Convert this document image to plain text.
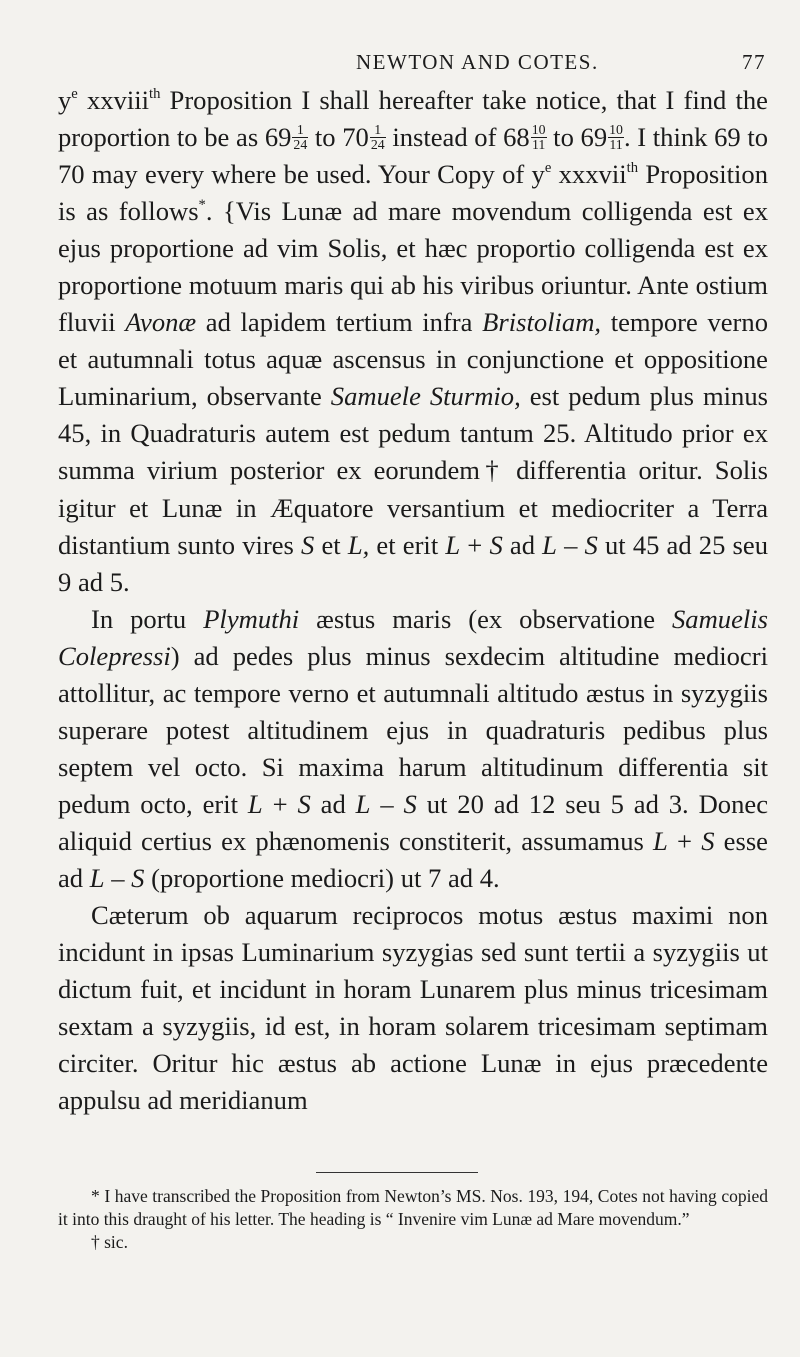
NEWTON AND COTES.	77

$y^e$ xxviii$^{th}$ Proposition I shall hereafter take notice, that I find the proportion to be as $69 \frac{1}{24}$ to $70 \frac{1}{24}$ instead of $68 \frac{10}{11}$ to $69 \frac{10}{11}$ . I think 69 to 70 may every where be used. Your Copy of $y^e$ xxxvii$^{th}$ Proposition is as follows*. {Vis Lunæ ad mare movendum colligenda est ex ejus proportione ad vim Solis, et hæc proportio colligenda est ex proportione motuum maris qui ab his viribus oriuntur. Ante ostium fluvii Avonæ ad lapidem tertium infra Bristoliam, tempore verno et autumnali totus aquæ ascensus in conjunctione et oppositione Luminarium, observante Samuele Sturmio, est pedum plus minus 45, in Quadraturis autem est pedum tantum 25. Altitudo prior ex summa virium posterior ex eorundem† differentia oritur. Solis igitur et Lunæ in Æquatore versantium et mediocriter a Terra distantium sunto vires S et L, et erit L + S ad L – S ut 45 ad 25 seu 9 ad 5.

In portu Plymuthi æstus maris (ex observatione Samuelis Colepressi) ad pedes plus minus sexdecim altitudine mediocri attollitur, ac tempore verno et autumnali altitudo æstus in syzygiis superare potest altitudinem ejus in quadraturis pedibus plus septem vel octo. Si maxima harum altitudinum differentia sit pedum octo, erit L + S ad L – S ut 20 ad 12 seu 5 ad 3. Donec aliquid certius ex phænomenis constiterit, assumamus L + S esse ad L – S (proportione mediocri) ut 7 ad 4.

Cæterum ob aquarum reciprocos motus æstus maximi non incidunt in ipsas Luminarium syzygias sed sunt tertii a syzygiis ut dictum fuit, et incidunt in horam Lunarem plus minus tricesimam sextam a syzygiis, id est, in horam solarem tricesimam septimam circiter. Oritur hic æstus ab actione Lunæ in ejus præcedente appulsu ad meridianum

* I have transcribed the Proposition from Newton’s MS. Nos. 193, 194, Cotes not having copied it into this draught of his letter. The heading is “ Invenire vim Lunæ ad Mare movendum.”

† sic.
